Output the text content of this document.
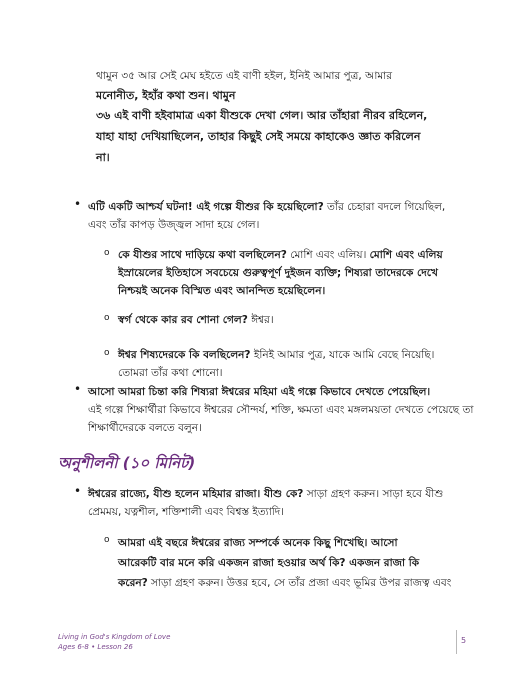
থামুন ৩৫ আর সেই মেঘ হইতে এই বাণী হইল, ইনিই আমার পুত্র, আমার
মনোনীত, ইহাঁর কথা শুন। থামুন
৩৬ এই বাণী হইবামাত্র একা যীশুকে দেখা গেল। আর তাঁহারা নীরব রহিলেন,
যাহা যাহা দেখিয়াছিলেন, তাহার কিছুই সেই সময়ে কাহাকেও জ্ঞাত করিলেন
না।
• এটি একটি আশ্চর্য ঘটনা! এই গল্পে যীশুর কি হয়েছিলো? তাঁর চেহারা বদলে গিয়েছিল,
এবং তাঁর কাপড় উজ্জ্বল সাদা হয়ে গেল।
o কে যীশুর সাথে দাড়িয়ে কথা বলছিলেন? মোশি এবং এলিয়। মোশি এবং এলিয়
ইস্রায়েলের ইতিহাসে সবচেয়ে গুরুত্বপূর্ণ দুইজন ব্যক্তি; শিষ্যরা তাদেরকে দেখে
নিশ্চয়ই অনেক বিস্মিত এবং আনন্দিত হয়েছিলেন।
o স্বর্গ থেকে কার রব শোনা গেল? ঈশ্বর।
o ঈশ্বর শিষ্যদেরকে কি বলছিলেন? ইনিই আমার পুত্র, যাকে আমি বেছে নিয়েছি।
তোমরা তাঁর কথা শোনো।
• আসো আমরা চিন্তা করি শিষ্যরা ঈশ্বরের মহিমা এই গল্পে কিভাবে দেখতে পেয়েছিল।
এই গল্পে শিক্ষার্থীরা কিভাবে ঈশ্বরের সৌন্দর্য, শক্তি, ক্ষমতা এবং মঙ্গলময়তা দেখতে পেয়েছে তা
শিক্ষার্থীদেরকে বলতে বলুন।
অনুশীলনী (১০ মিনিট)
• ঈশ্বরের রাজ্যে, যীশু হলেন মহিমার রাজা। যীশু কে? সাড়া গ্রহণ করুন। সাড়া হবে যীশু
প্রেমময়, যত্নশীল, শক্তিশালী এবং বিশ্বস্ত ইত্যাদি।
o আমরা এই বছরে ঈশ্বরের রাজ্য সম্পর্কে অনেক কিছু শিখেছি। আসো
আরেকটি বার মনে করি একজন রাজা হওয়ার অর্থ কি? একজন রাজা কি
করেন? সাড়া গ্রহণ করুন। উত্তর হবে, সে তাঁর প্রজা এবং ভূমির উপর রাজত্ব এবং
Living in God's Kingdom of Love
Ages 6-8 • Lesson 26
5
